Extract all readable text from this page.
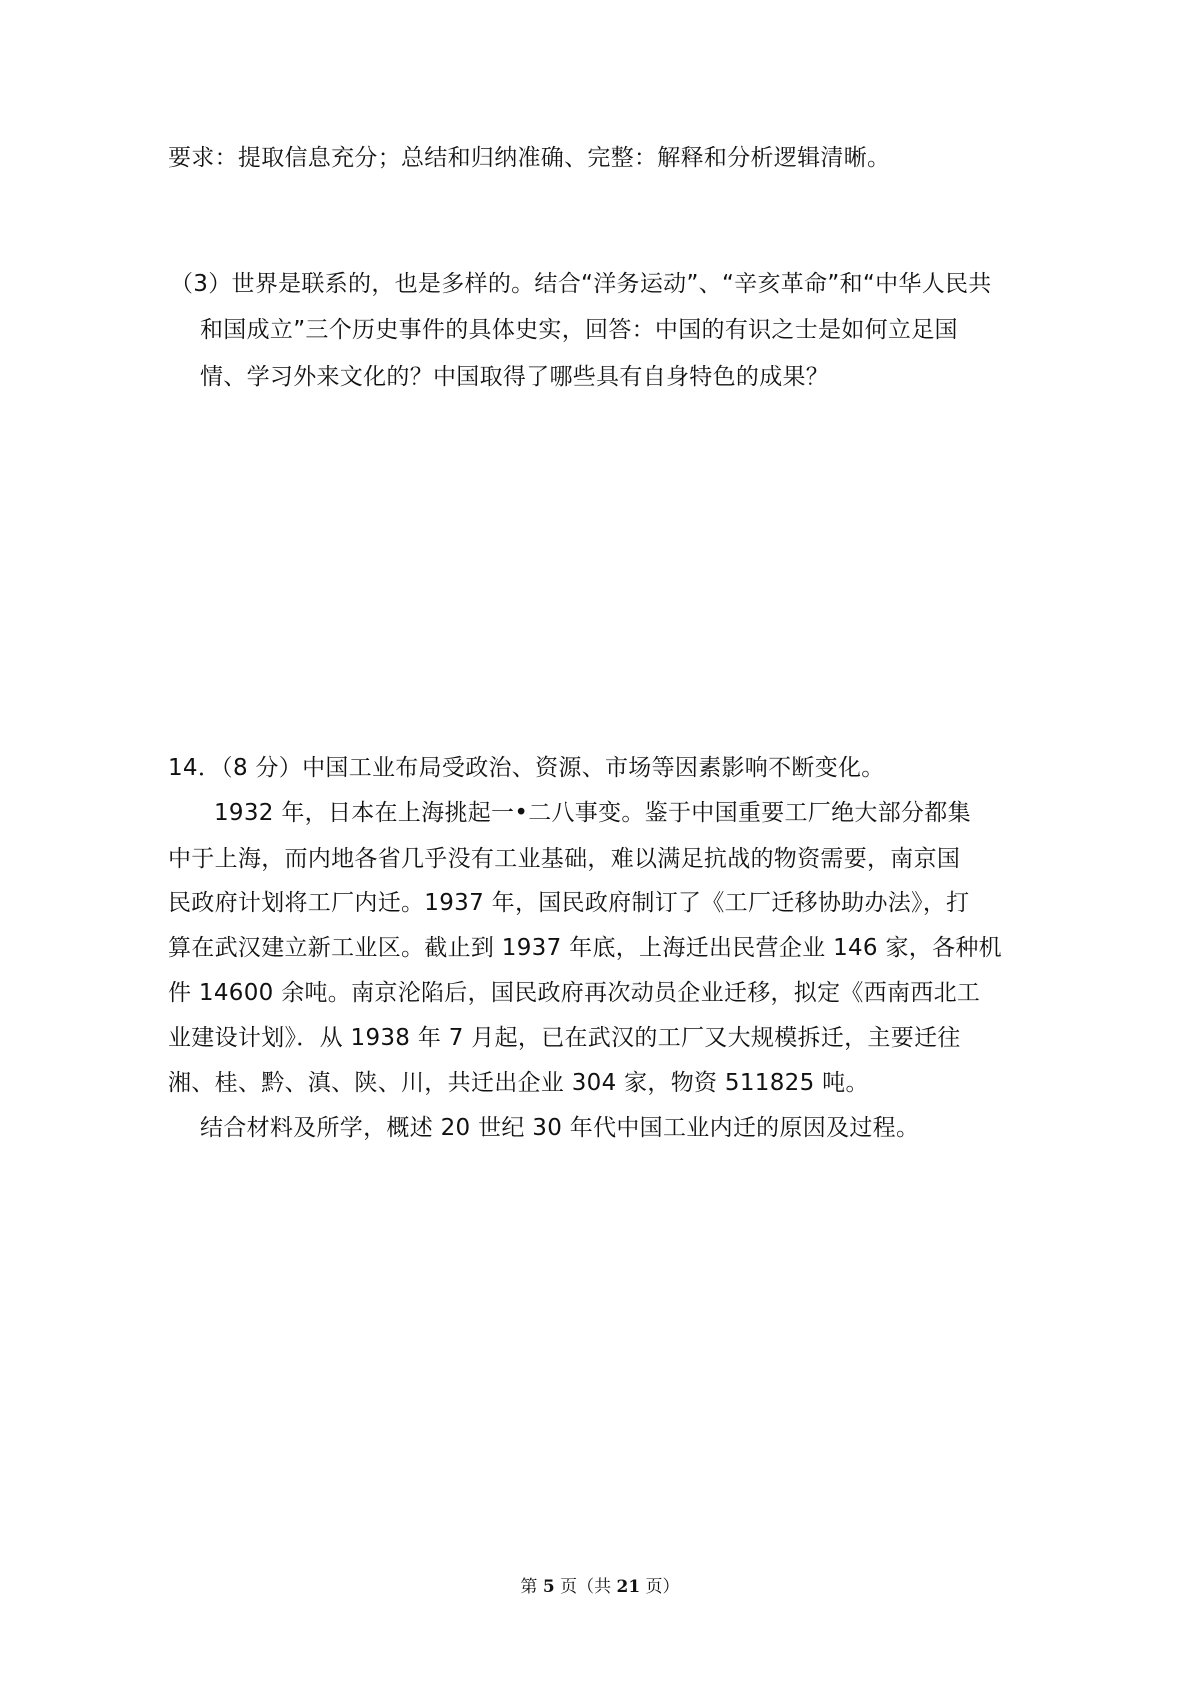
要求：提取信息充分；总结和归纳准确、完整：解释和分析逻辑清晰。
（3）世界是联系的，也是多样的。结合“洋务运动”、“辛亥革命”和“中华人民共
和国成立”三个历史事件的具体史实，回答：中国的有识之士是如何立足国
情、学习外来文化的？中国取得了哪些具有自身特色的成果？
14．（8 分）中国工业布局受政治、资源、市场等因素影响不断变化。
1932 年，日本在上海挑起一•二八事变。鉴于中国重要工厂绝大部分都集
中于上海，而内地各省几乎没有工业基础，难以满足抗战的物资需要，南京国
民政府计划将工厂内迁。1937 年，国民政府制订了《工厂迁移协助办法》，打
算在武汉建立新工业区。截止到 1937 年底，上海迁出民营企业 146 家，各种机
件 14600 余吨。南京沦陷后，国民政府再次动员企业迁移，拟定《西南西北工
业建设计划》．从 1938 年 7 月起，已在武汉的工厂又大规模拆迁，主要迁往
湘、桂、黔、滇、陕、川，共迁出企业 304 家，物资 511825 吨。
结合材料及所学，概述 20 世纪 30 年代中国工业内迁的原因及过程。
第 5 页（共 21 页）
